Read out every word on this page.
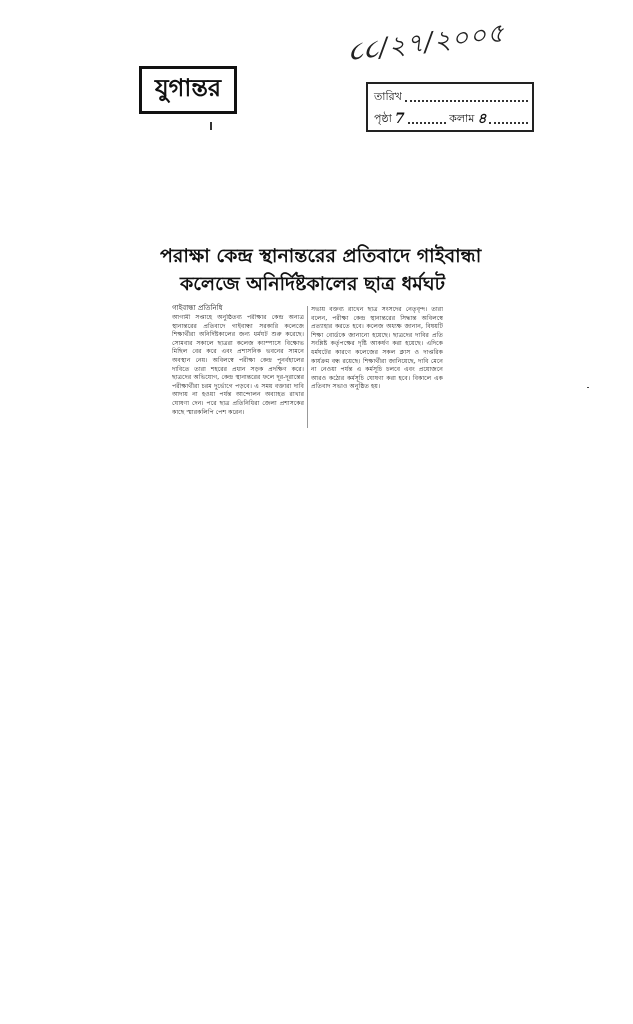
૮૮/২৭/২০০৫
যুগান্তর	তারিখ
পৃষ্ঠা 7	কলাম ৪
পরাক্ষা কেন্দ্র স্থানান্তরের প্রতিবাদে গাইবান্ধা
কলেজে অনির্দিষ্টকালের ছাত্র ধর্মঘট
গাইবান্ধা প্রতিনিধি
আগামী সপ্তাহে অনুষ্ঠিতব্য পরীক্ষার কেন্দ্র অন্যত্র স্থানান্তরের প্রতিবাদে গাইবান্ধা সরকারি কলেজে শিক্ষার্থীরা অনির্দিষ্টকালের জন্য ধর্মঘট শুরু করেছে। সোমবার সকালে ছাত্ররা কলেজ ক্যাম্পাসে বিক্ষোভ মিছিল বের করে এবং প্রশাসনিক ভবনের সামনে অবস্থান নেয়। অবিলম্বে পরীক্ষা কেন্দ্র পুনর্বহালের দাবিতে তারা শহরের প্রধান সড়ক প্রদক্ষিণ করে। ছাত্রদের অভিযোগ, কেন্দ্র স্থানান্তরের ফলে দূর-দূরান্তের পরীক্ষার্থীরা চরম দুর্ভোগে পড়বে। এ সময় বক্তারা দাবি আদায় না হওয়া পর্যন্ত আন্দোলন অব্যাহত রাখার ঘোষণা দেন। পরে ছাত্র প্রতিনিধিরা জেলা প্রশাসকের কাছে স্মারকলিপি পেশ করেন।
সভায় বক্তব্য রাখেন ছাত্র সংসদের নেতৃবৃন্দ। তারা বলেন, পরীক্ষা কেন্দ্র স্থানান্তরের সিদ্ধান্ত অবিলম্বে প্রত্যাহার করতে হবে। কলেজ অধ্যক্ষ জানান, বিষয়টি শিক্ষা বোর্ডকে জানানো হয়েছে। ছাত্রদের দাবির প্রতি সংশ্লিষ্ট কর্তৃপক্ষের দৃষ্টি আকর্ষণ করা হয়েছে। এদিকে ধর্মঘটের কারণে কলেজের সকল ক্লাস ও দাপ্তরিক কার্যক্রম বন্ধ রয়েছে। শিক্ষার্থীরা জানিয়েছে, দাবি মেনে না নেওয়া পর্যন্ত এ কর্মসূচি চলবে এবং প্রয়োজনে আরও কঠোর কর্মসূচি ঘোষণা করা হবে। বিকালে এক প্রতিবাদ সভাও অনুষ্ঠিত হয়।
